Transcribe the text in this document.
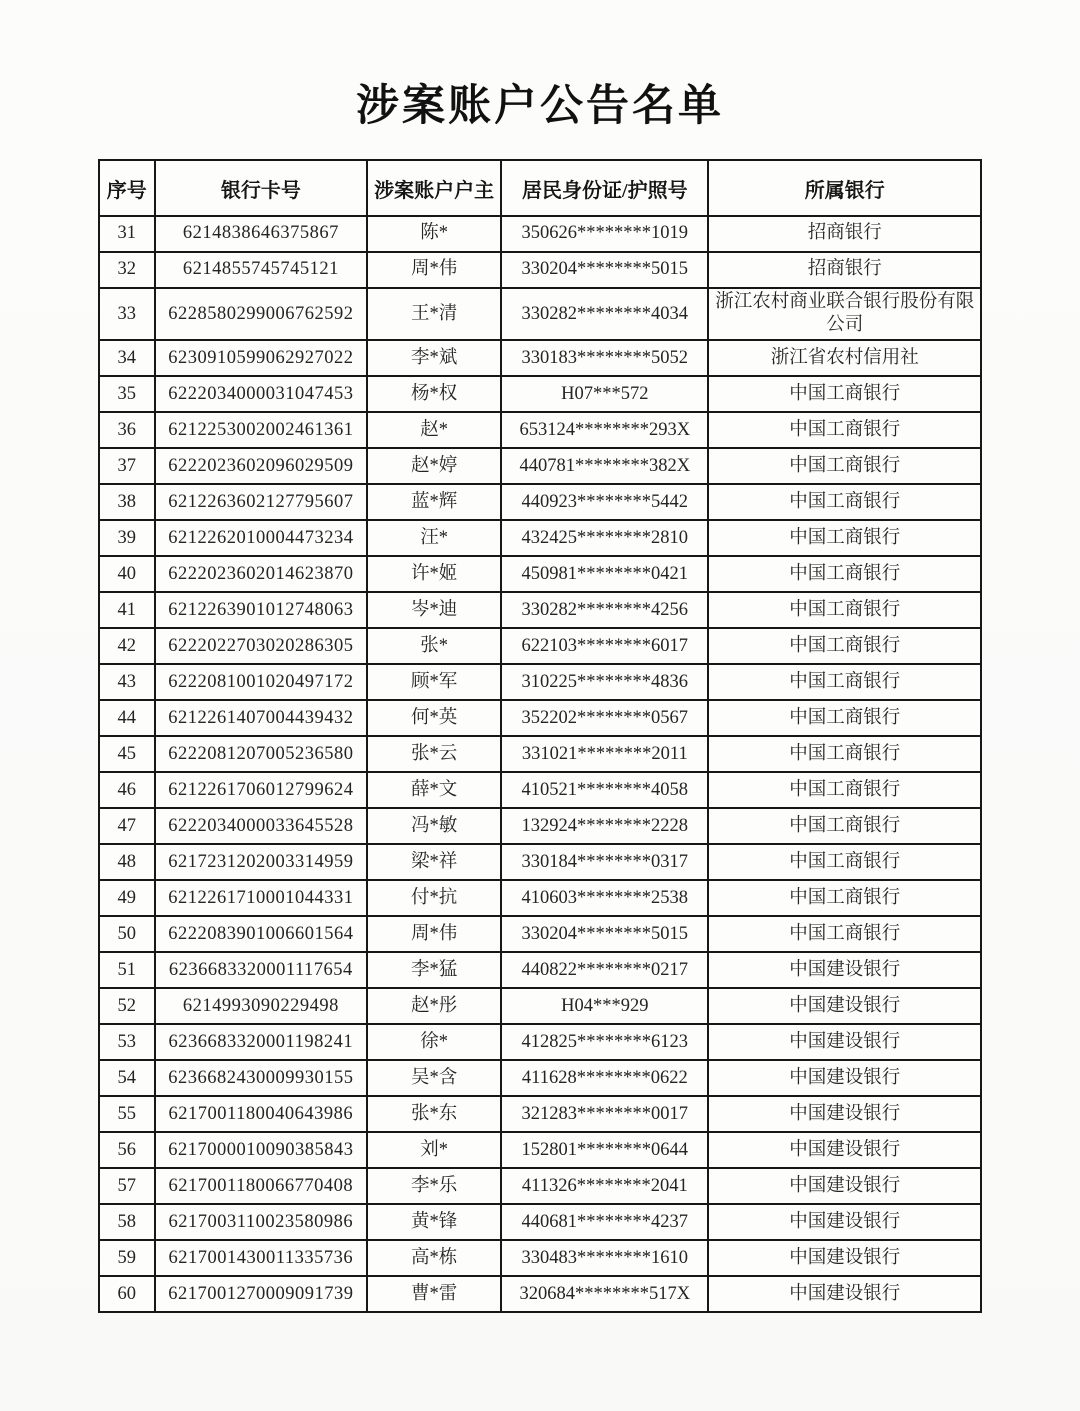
涉案账户公告名单
序号	银行卡号	涉案账户户主	居民身份证/护照号	所属银行
31	6214838646375867	陈*	350626********1019	招商银行
32	6214855745745121	周*伟	330204********5015	招商银行
33	6228580299006762592	王*清	330282********4034	浙江农村商业联合银行股份有限公司
34	6230910599062927022	李*斌	330183********5052	浙江省农村信用社
35	6222034000031047453	杨*权	H07***572	中国工商银行
36	6212253002002461361	赵*	653124********293X	中国工商银行
37	6222023602096029509	赵*婷	440781********382X	中国工商银行
38	6212263602127795607	蓝*辉	440923********5442	中国工商银行
39	6212262010004473234	汪*	432425********2810	中国工商银行
40	6222023602014623870	许*姬	450981********0421	中国工商银行
41	6212263901012748063	岑*迪	330282********4256	中国工商银行
42	6222022703020286305	张*	622103********6017	中国工商银行
43	6222081001020497172	顾*军	310225********4836	中国工商银行
44	6212261407004439432	何*英	352202********0567	中国工商银行
45	6222081207005236580	张*云	331021********2011	中国工商银行
46	6212261706012799624	薛*文	410521********4058	中国工商银行
47	6222034000033645528	冯*敏	132924********2228	中国工商银行
48	6217231202003314959	梁*祥	330184********0317	中国工商银行
49	6212261710001044331	付*抗	410603********2538	中国工商银行
50	6222083901006601564	周*伟	330204********5015	中国工商银行
51	6236683320001117654	李*猛	440822********0217	中国建设银行
52	6214993090229498	赵*彤	H04***929	中国建设银行
53	6236683320001198241	徐*	412825********6123	中国建设银行
54	6236682430009930155	吴*含	411628********0622	中国建设银行
55	6217001180040643986	张*东	321283********0017	中国建设银行
56	6217000010090385843	刘*	152801********0644	中国建设银行
57	6217001180066770408	李*乐	411326********2041	中国建设银行
58	6217003110023580986	黄*锋	440681********4237	中国建设银行
59	6217001430011335736	高*栋	330483********1610	中国建设银行
60	6217001270009091739	曹*雷	320684********517X	中国建设银行
